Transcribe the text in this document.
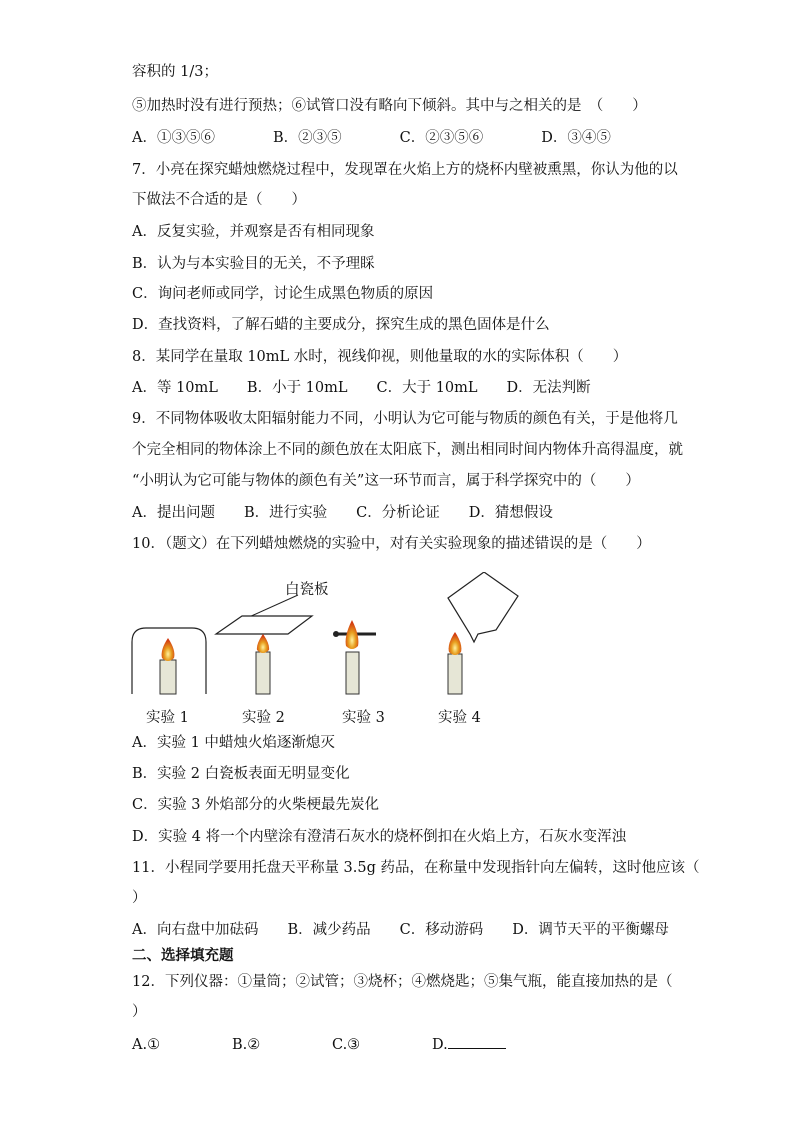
容积的 1/3；
⑤加热时没有进行预热；⑥试管口没有略向下倾斜。其中与之相关的是　（　　）
A．①③⑤⑥　　　　B．②③⑤　　　　C．②③⑤⑥　　　　D．③④⑤
7．小亮在探究蜡烛燃烧过程中，发现罩在火焰上方的烧杯内壁被熏黑，你认为他的以
下做法不合适的是（　　）
A．反复实验，并观察是否有相同现象
B．认为与本实验目的无关，不予理睬
C．询问老师或同学，讨论生成黑色物质的原因
D．查找资料，了解石蜡的主要成分，探究生成的黑色固体是什么
8．某同学在量取 10mL 水时，视线仰视，则他量取的水的实际体积（　　）
A．等 10mL　　B．小于 10mL　　C．大于 10mL　　D．无法判断
9．不同物体吸收太阳辐射能力不同，小明认为它可能与物质的颜色有关，于是他将几
个完全相同的物体涂上不同的颜色放在太阳底下，测出相同时间内物体升高得温度，就
“小明认为它可能与物体的颜色有关”这一环节而言，属于科学探究中的（　　）
A．提出问题　　B．进行实验　　C．分析论证　　D．猜想假设
10．（题文）在下列蜡烛燃烧的实验中，对有关实验现象的描述错误的是（　　）
白瓷板
实验 1	实验 2	实验 3	实验 4
A．实验 1 中蜡烛火焰逐渐熄灭
B．实验 2 白瓷板表面无明显变化
C．实验 3 外焰部分的火柴梗最先炭化
D．实验 4 将一个内壁涂有澄清石灰水的烧杯倒扣在火焰上方，石灰水变浑浊
11．小程同学要用托盘天平称量 3.5g 药品，在称量中发现指针向左偏转，这时他应该（
）
A．向右盘中加砝码　　B．减少药品　　C．移动游码　　D．调节天平的平衡螺母
二、选择填充题
12．下列仪器：①量筒；②试管；③烧杯；④燃烧匙；⑤集气瓶，能直接加热的是（
）
A.①	B.②	C.③	D.
